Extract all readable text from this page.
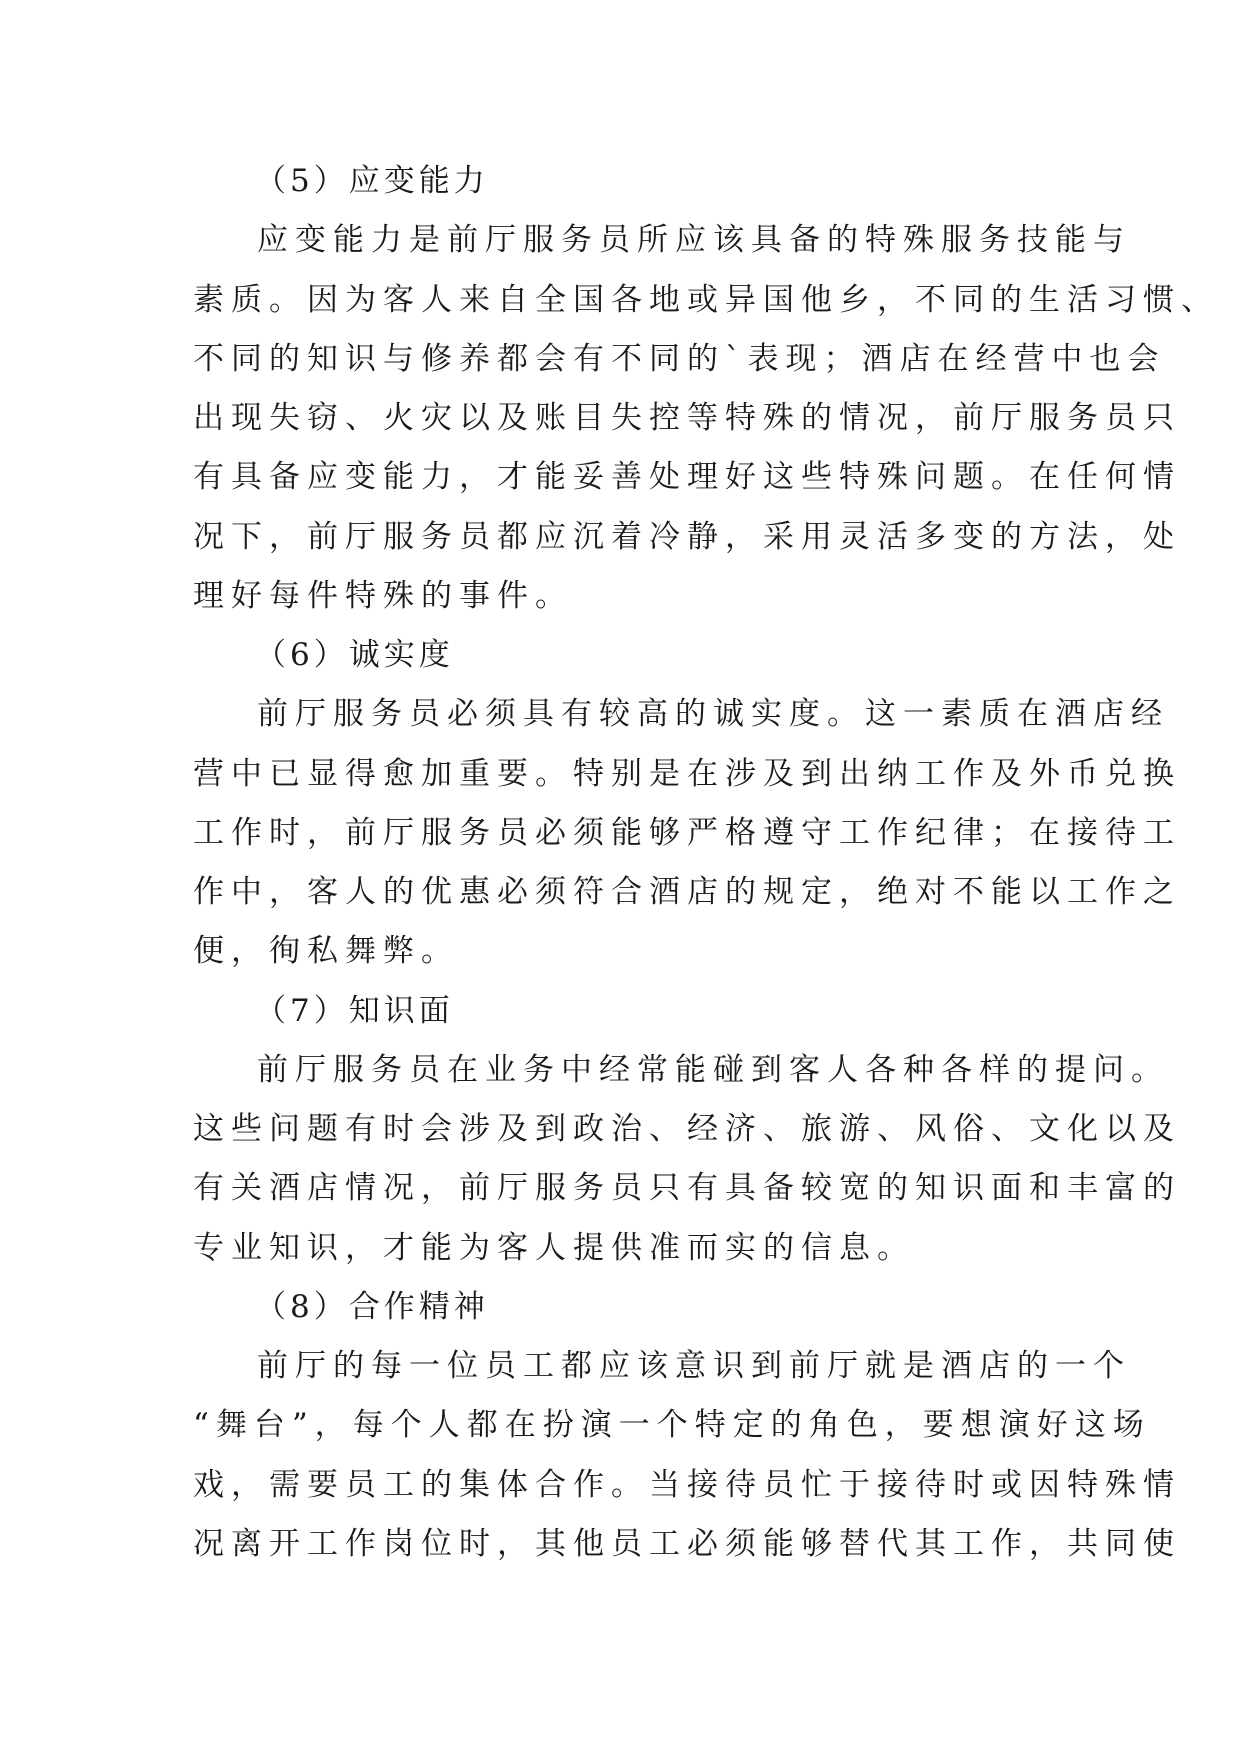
（5）应变能力
应变能力是前厅服务员所应该具备的特殊服务技能与
素质。因为客人来自全国各地或异国他乡，不同的生活习惯、
不同的知识与修养都会有不同的`表现；酒店在经营中也会
出现失窃、火灾以及账目失控等特殊的情况，前厅服务员只
有具备应变能力，才能妥善处理好这些特殊问题。在任何情
况下，前厅服务员都应沉着冷静，采用灵活多变的方法，处
理好每件特殊的事件。
（6）诚实度
前厅服务员必须具有较高的诚实度。这一素质在酒店经
营中已显得愈加重要。特别是在涉及到出纳工作及外币兑换
工作时，前厅服务员必须能够严格遵守工作纪律；在接待工
作中，客人的优惠必须符合酒店的规定，绝对不能以工作之
便，徇私舞弊。
（7）知识面
前厅服务员在业务中经常能碰到客人各种各样的提问。
这些问题有时会涉及到政治、经济、旅游、风俗、文化以及
有关酒店情况，前厅服务员只有具备较宽的知识面和丰富的
专业知识，才能为客人提供准而实的信息。
（8）合作精神
前厅的每一位员工都应该意识到前厅就是酒店的一个
“舞台”，每个人都在扮演一个特定的角色，要想演好这场
戏，需要员工的集体合作。当接待员忙于接待时或因特殊情
况离开工作岗位时，其他员工必须能够替代其工作，共同使
